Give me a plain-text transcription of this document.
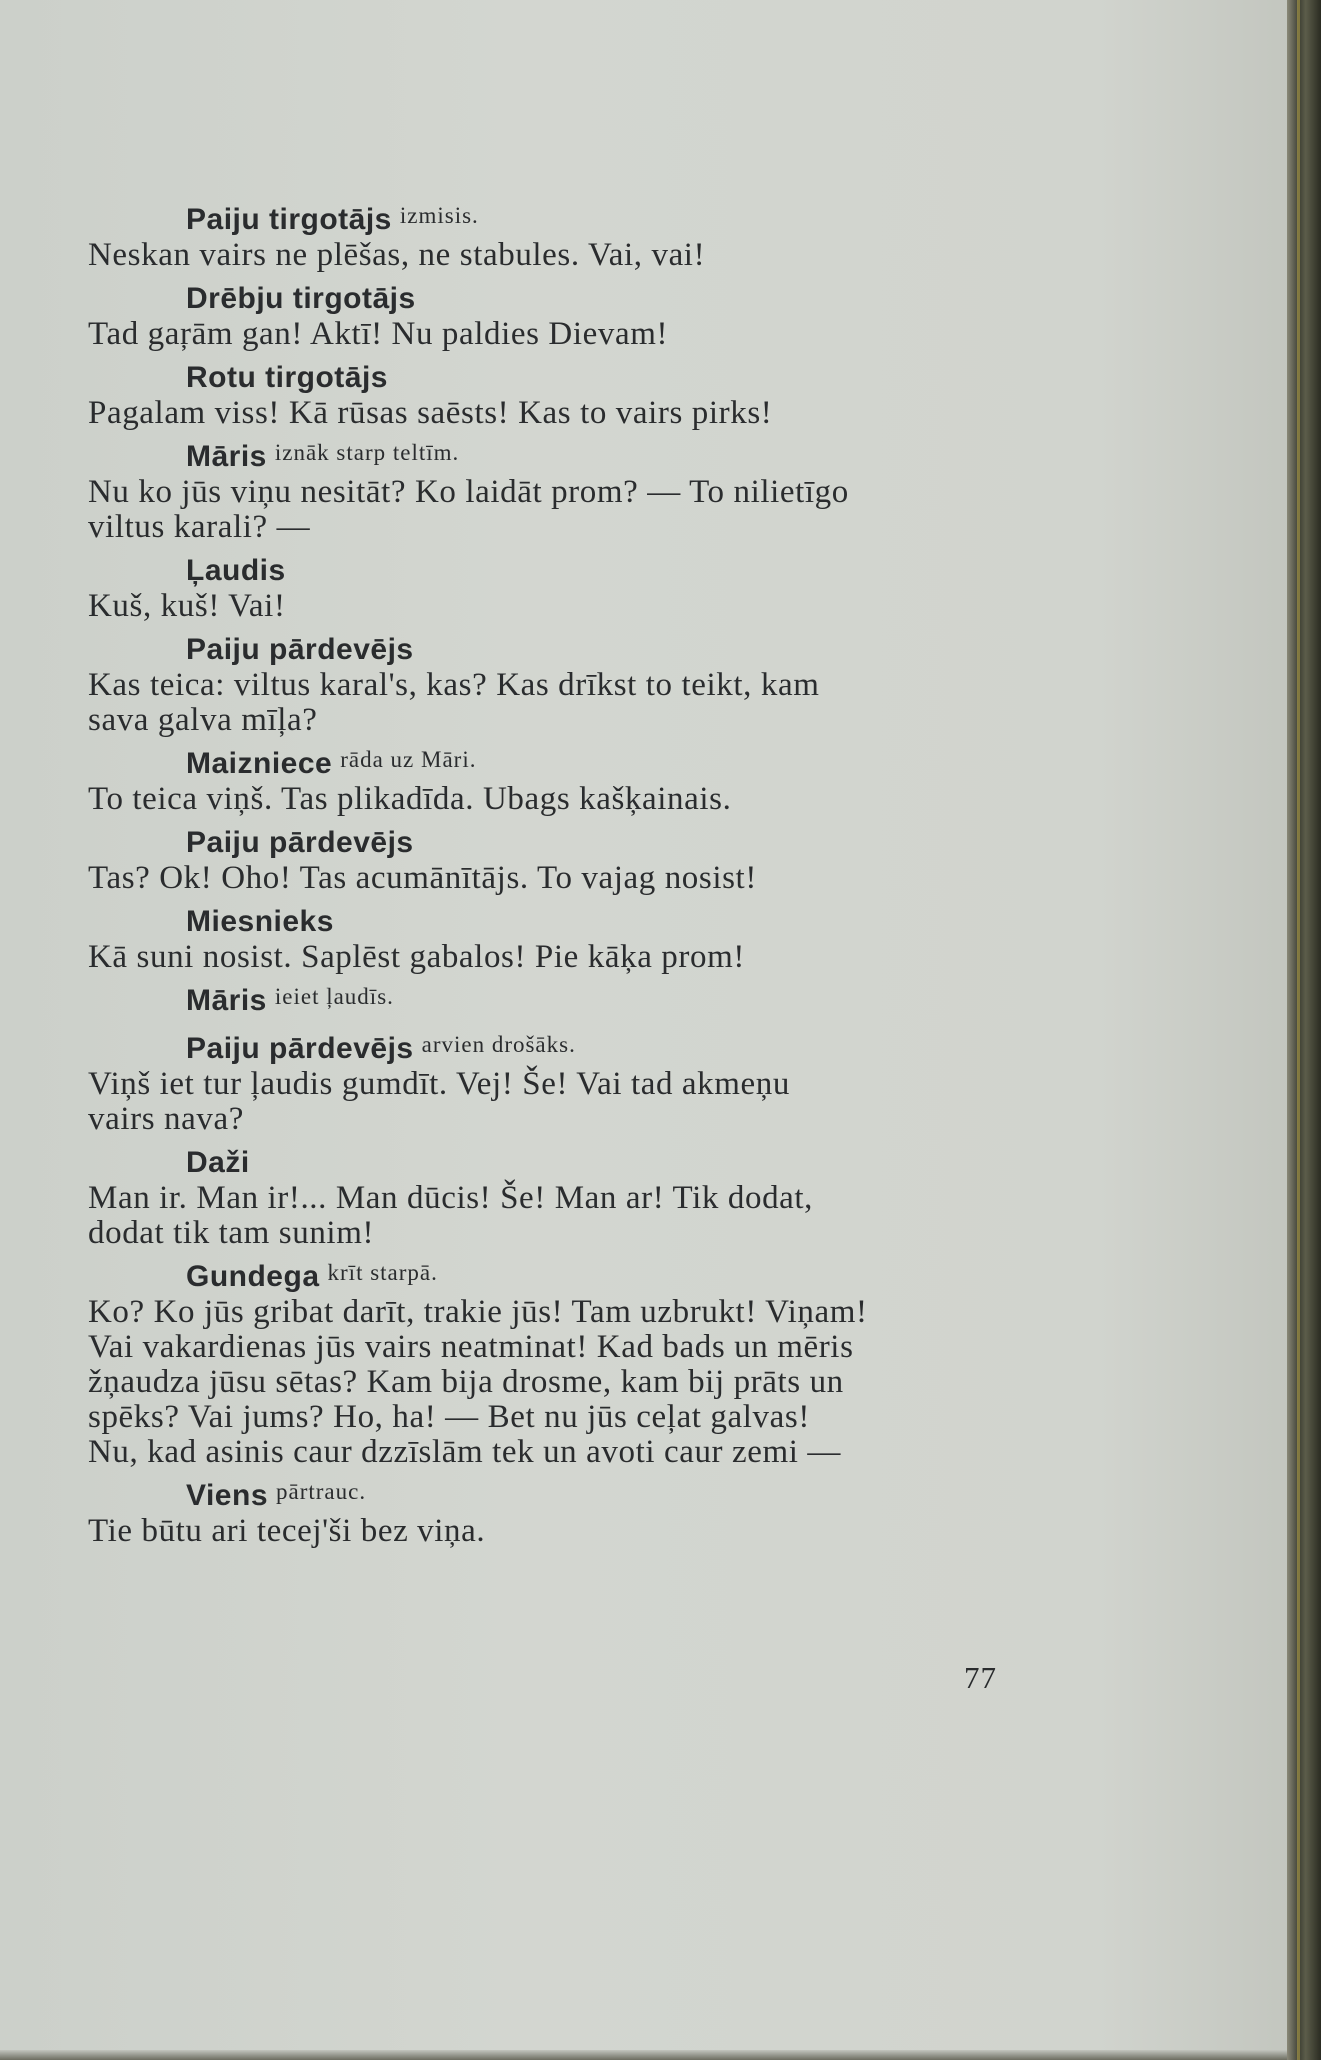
Paiju tirgotājs izmisis.
Neskan vairs ne plēšas, ne stabules. Vai, vai!
Drēbju tirgotājs
Tad gaŗām gan! Aktī! Nu paldies Dievam!
Rotu tirgotājs
Pagalam viss! Kā rūsas saēsts! Kas to vairs pirks!
Māris iznāk starp teltīm.
Nu ko jūs viņu nesitāt? Ko laidāt prom? — To nilietīgo
viltus karali? —
Ļaudis
Kuš, kuš! Vai!
Paiju pārdevējs
Kas teica: viltus karal's, kas? Kas drīkst to teikt, kam
sava galva mīļa?
Maizniece rāda uz Māri.
To teica viņš. Tas plikadīda. Ubags kašķainais.
Paiju pārdevējs
Tas? Ok! Oho! Tas acumānītājs. To vajag nosist!
Miesnieks
Kā suni nosist. Saplēst gabalos! Pie kāķa prom!
Māris ieiet ļaudīs.
Paiju pārdevējs arvien drošāks.
Viņš iet tur ļaudis gumdīt. Vej! Še! Vai tad akmeņu
vairs nava?
Daži
Man ir. Man ir!... Man dūcis! Še! Man ar! Tik dodat,
dodat tik tam sunim!
Gundega krīt starpā.
Ko? Ko jūs gribat darīt, trakie jūs! Tam uzbrukt! Viņam!
Vai vakardienas jūs vairs neatminat! Kad bads un mēris
žņaudza jūsu sētas? Kam bija drosme, kam bij prāts un
spēks? Vai jums? Ho, ha! — Bet nu jūs ceļat galvas!
Nu, kad asinis caur dzzīslām tek un avoti caur zemi —
Viens pārtrauc.
Tie būtu ari tecej'ši bez viņa.
77
